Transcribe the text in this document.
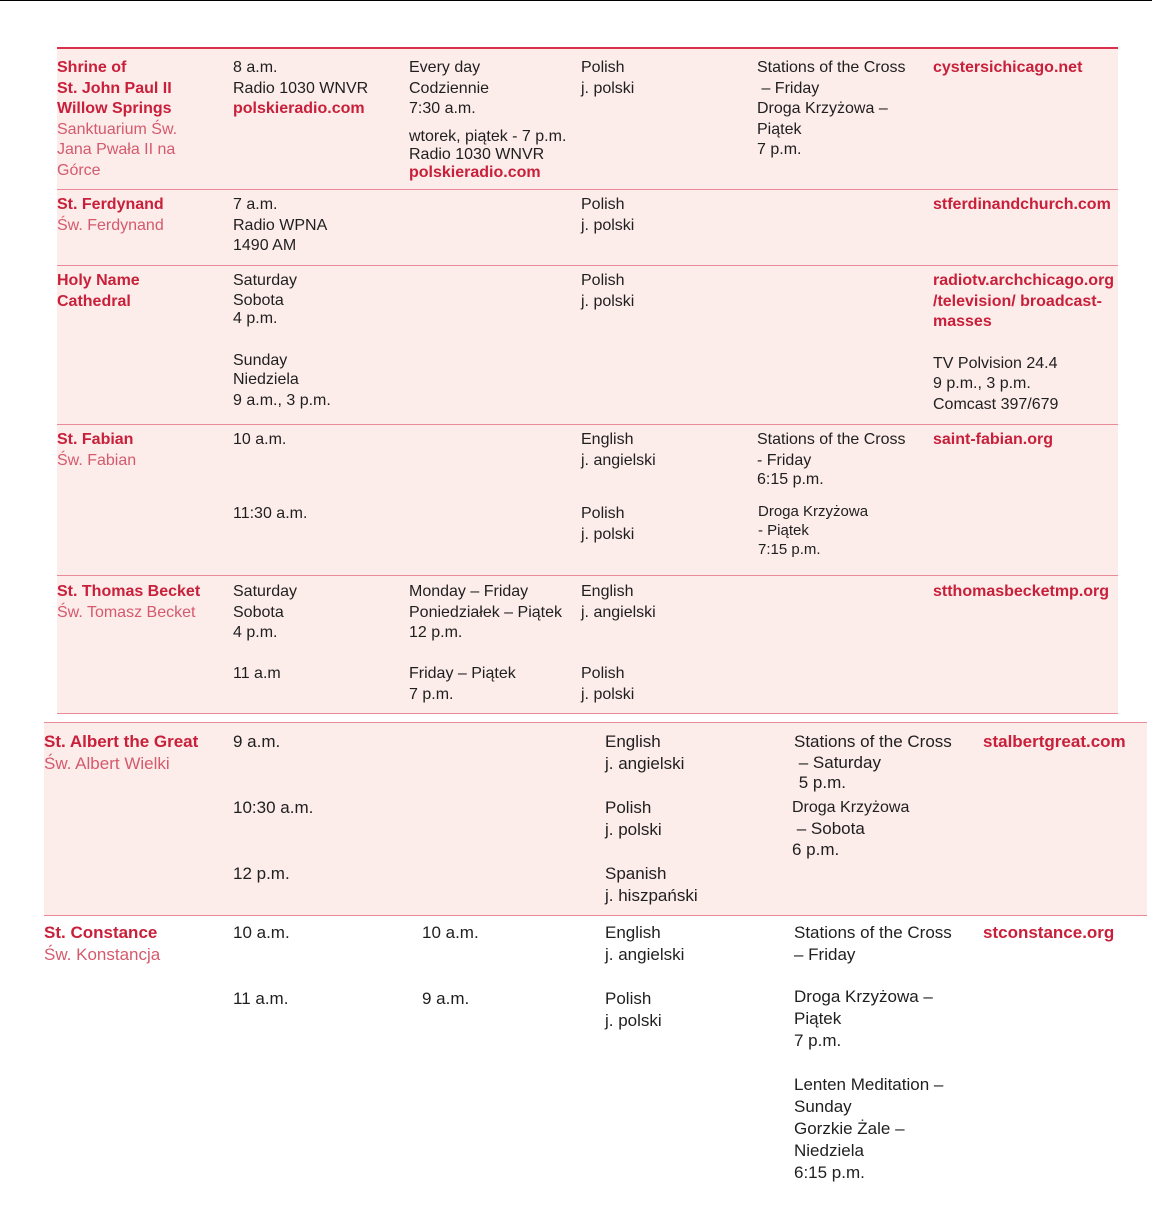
Shrine of
St. John Paul II
Willow Springs
Sanktuarium Św.
Jana Pwała II na
Górce
8 a.m.
Radio 1030 WNVR
polskieradio.com
Every day
Codziennie
7:30 a.m.
wtorek, piątek - 7 p.m.
Radio 1030 WNVR
polskieradio.com
Polish
j. polski
Stations of the Cross
– Friday
Droga Krzyżowa –
Piątek
7 p.m.
cystersichicago.net
St. Ferdynand
Św. Ferdynand
7 a.m.
Radio WPNA
1490 AM
Polish
j. polski
stferdinandchurch.com
Holy Name
Cathedral
Saturday
Sobota
4 p.m.
Sunday
Niedziela
9 a.m., 3 p.m.
Polish
j. polski
radiotv.archchicago.org
/television/ broadcast-
masses
TV Polvision 24.4
9 p.m., 3 p.m.
Comcast 397/679
St. Fabian
Św. Fabian
10 a.m.
11:30 a.m.
English
j. angielski
Polish
j. polski
Stations of the Cross
- Friday
6:15 p.m.
Droga Krzyżowa
- Piątek
7:15 p.m.
saint-fabian.org
St. Thomas Becket
Św. Tomasz Becket
Saturday
Sobota
4 p.m.
11 a.m
Monday – Friday
Poniedziałek – Piątek
12 p.m.
Friday – Piątek
7 p.m.
English
j. angielski
Polish
j. polski
stthomasbecketmp.org
St. Albert the Great
Św. Albert Wielki
9 a.m.
10:30 a.m.
12 p.m.
English
j. angielski
Polish
j. polski
Spanish
j. hiszpański
Stations of the Cross
– Saturday
5 p.m.
Droga Krzyżowa
– Sobota
6 p.m.
stalbertgreat.com
St. Constance
Św. Konstancja
10 a.m.
11 a.m.
10 a.m.
9 a.m.
English
j. angielski
Polish
j. polski
Stations of the Cross
– Friday
Droga Krzyżowa –
Piątek
7 p.m.
Lenten Meditation –
Sunday
Gorzkie Żale –
Niedziela
6:15 p.m.
stconstance.org
